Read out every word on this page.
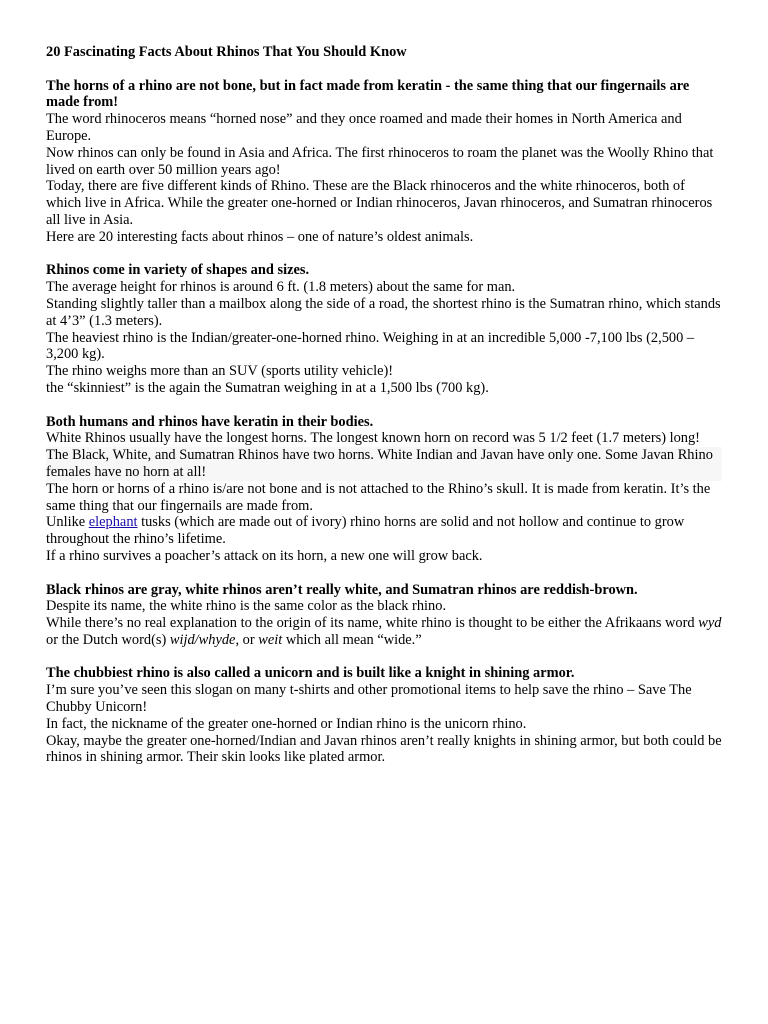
20 Fascinating Facts About Rhinos That You Should Know

The horns of a rhino are not bone, but in fact made from keratin - the same thing that our fingernails are made from!

The word rhinoceros means “horned nose” and they once roamed and made their homes in North America and Europe.

Now rhinos can only be found in Asia and Africa. The first rhinoceros to roam the planet was the Woolly Rhino that lived on earth over 50 million years ago!

Today, there are five different kinds of Rhino. These are the Black rhinoceros and the white rhinoceros, both of which live in Africa. While the greater one-horned or Indian rhinoceros, Javan rhinoceros, and Sumatran rhinoceros all live in Asia.

Here are 20 interesting facts about rhinos – one of nature’s oldest animals.

Rhinos come in variety of shapes and sizes.

The average height for rhinos is around 6 ft. (1.8 meters) about the same for man.

Standing slightly taller than a mailbox along the side of a road, the shortest rhino is the Sumatran rhino, which stands at 4’3” (1.3 meters).

The heaviest rhino is the Indian/greater-one-horned rhino. Weighing in at an incredible 5,000 -7,100 lbs (2,500 – 3,200 kg).

The rhino weighs more than an SUV (sports utility vehicle)!

the “skinniest” is the again the Sumatran weighing in at a 1,500 lbs (700 kg).

Both humans and rhinos have keratin in their bodies.

White Rhinos usually have the longest horns. The longest known horn on record was 5 1/2 feet (1.7 meters) long!

The Black, White, and Sumatran Rhinos have two horns. White Indian and Javan have only one. Some Javan Rhino females have no horn at all!

The horn or horns of a rhino is/are not bone and is not attached to the Rhino’s skull. It is made from keratin. It’s the same thing that our fingernails are made from.

Unlike elephant tusks (which are made out of ivory) rhino horns are solid and not hollow and continue to grow throughout the rhino’s lifetime.

If a rhino survives a poacher’s attack on its horn, a new one will grow back.

Black rhinos are gray, white rhinos aren’t really white, and Sumatran rhinos are reddish-brown.

Despite its name, the white rhino is the same color as the black rhino.

While there’s no real explanation to the origin of its name, white rhino is thought to be either the Afrikaans word wyd or the Dutch word(s) wijd/whyde, or weit which all mean “wide.”

The chubbiest rhino is also called a unicorn and is built like a knight in shining armor.

I’m sure you’ve seen this slogan on many t-shirts and other promotional items to help save the rhino – Save The Chubby Unicorn!

In fact, the nickname of the greater one-horned or Indian rhino is the unicorn rhino.

Okay, maybe the greater one-horned/Indian and Javan rhinos aren’t really knights in shining armor, but both could be rhinos in shining armor. Their skin looks like plated armor.
